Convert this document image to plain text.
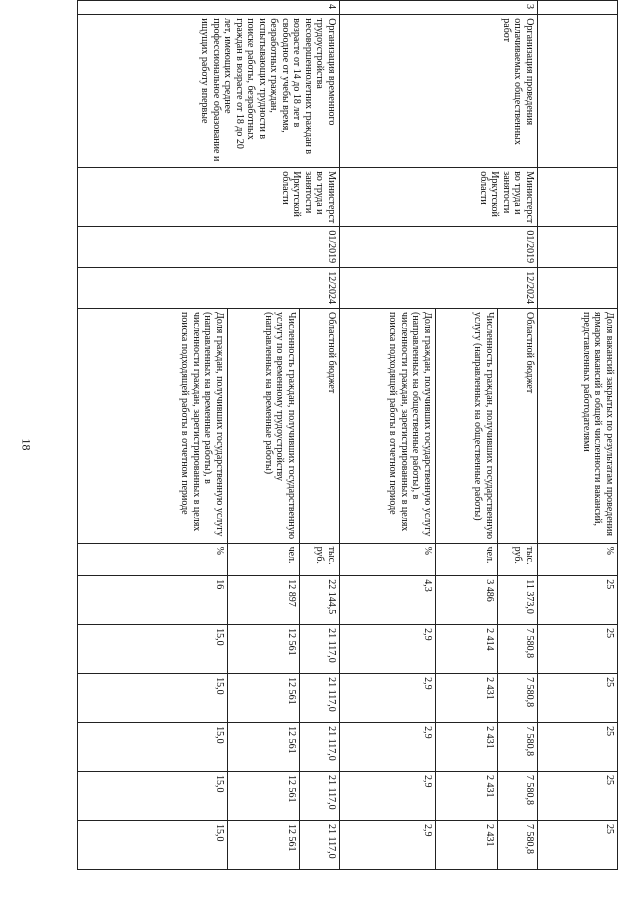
18
						Доля вакансий закрытых по результатам проведения ярмарок вакансий в общей численности вакансий, представленных работодателями	%	25	25	25	25	25	25
3	Организация проведения оплачиваемых общественных работ	Министерство труда и занятости Иркутской области	01/2019	12/2024	Областной бюджет	тыс. руб.	11 373,0	7 580,8	7 580,8	7 580,8	7 580,8	7 580,8
					Численность граждан, получивших государственную услугу (направленных на общественные работы)	чел.	3 486	2 414	2 431	2 431	2 431	2 431
					Доля граждан, получивших государственную услугу (направленных на общественные работы), в численности граждан, зарегистрированных в целях поиска подходящей работы в отчетном периоде	%	4,3	2,9	2,9	2,9	2,9	2,9
4	Организация временного трудоустройства несовершеннолетних граждан в возрасте от 14 до 18 лет в свободное от учебы время, безработных граждан, испытывающих трудности в поиске работы, безработных граждан в возрасте от 18 до 20 лет, имеющих среднее профессиональное образование и ищущих работу впервые	Министерство труда и занятости Иркутской области	01/2019	12/2024	Областной бюджет	тыс. руб.	22 144,5	21 117,0	21 117,0	21 117,0	21 117,0	21 117,0
					Численность граждан, получивших государственную услугу по временному трудоустройству (направленных на временные работы)	чел.	12 897	12 561	12 561	12 561	12 561	12 561
					Доля граждан, получивших государственную услугу (направленных на временные работы), в численности граждан, зарегистрированных в целях поиска подходящей работы в отчетном периоде	%	16	15,0	15,0	15,0	15,0	15,0
